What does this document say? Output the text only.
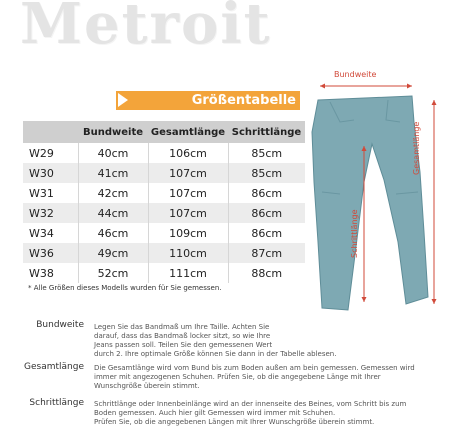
Metroit
Größentabelle
	Bundweite	Gesamtlänge	Schrittlänge
W29	40cm	106cm	85cm
W30	41cm	107cm	85cm
W31	42cm	107cm	86cm
W32	44cm	107cm	86cm
W34	46cm	109cm	86cm
W36	49cm	110cm	87cm
W38	52cm	111cm	88cm
* Alle Größen dieses Modells wurden für Sie gemessen.
Bundweite
Gesamtlänge
Schrittlänge
Bundweite Legen Sie das Bandmaß um Ihre Taille. Achten Sie
darauf, dass das Bandmaß locker sitzt, so wie Ihre
Jeans passen soll. Teilen Sie den gemessenen Wert
durch 2. Ihre optimale Größe können Sie dann in der Tabelle ablesen.
Gesamtlänge Die Gesamtlänge wird vom Bund bis zum Boden außen am bein gemessen. Gemessen wird
immer mit angezogenen Schuhen. Prüfen Sie, ob die angegebene Länge mit Ihrer
Wunschgröße überein stimmt.
Schrittlänge Schrittlänge oder Innenbeinlänge wird an der innenseite des Beines, vom Schritt bis zum
Boden gemessen. Auch hier gilt Gemessen wird immer mit Schuhen.
Prüfen Sie, ob die angegebenen Längen mit Ihrer Wunschgröße überein stimmt.
